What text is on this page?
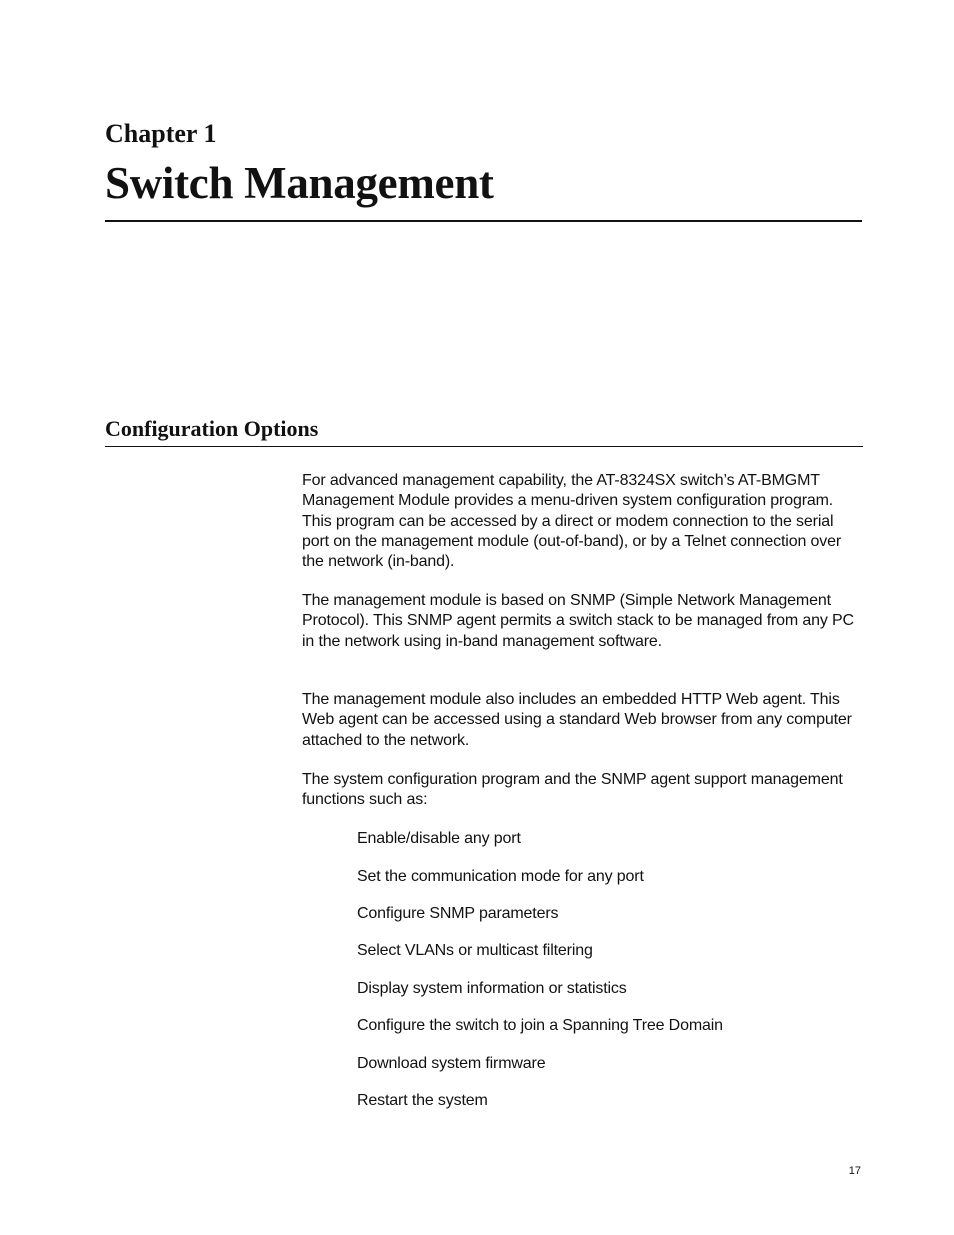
Chapter 1
Switch Management
Configuration Options

For advanced management capability, the AT-8324SX switch’s AT-BMGMT Management Module provides a menu-driven system configuration program. This program can be accessed by a direct or modem connection to the serial port on the management module (out-of-band), or by a Telnet connection over the network (in-band).

The management module is based on SNMP (Simple Network Management Protocol). This SNMP agent permits a switch stack to be managed from any PC in the network using in-band management software.

The management module also includes an embedded HTTP Web agent. This Web agent can be accessed using a standard Web browser from any computer attached to the network.

The system configuration program and the SNMP agent support management functions such as:

Enable/disable any port

Set the communication mode for any port

Configure SNMP parameters

Select VLANs or multicast filtering

Display system information or statistics

Configure the switch to join a Spanning Tree Domain

Download system firmware

Restart the system

17
